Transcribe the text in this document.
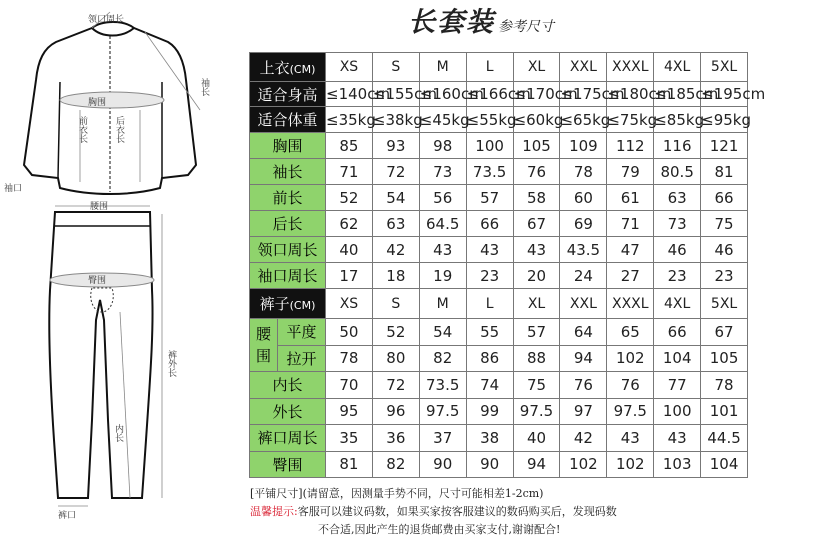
长套装 参考尺寸
领口周长
袖长
胸围
前衣长	后衣长
袖口
腰围
臀围
裤外长
内长
裤口
上衣(CM)	XS	S	M	L	XL	XXL	XXXL	4XL	5XL
适合身高	≤140cm	≤155cm	≤160cm	≤166cm	≤170cm	≤175cm	≤180cm	≤185cm	≤195cm
适合体重	≤35kg	≤38kg	≤45kg	≤55kg	≤60kg	≤65kg	≤75kg	≤85kg	≤95kg
胸围	85	93	98	100	105	109	112	116	121
袖长	71	72	73	73.5	76	78	79	80.5	81
前长	52	54	56	57	58	60	61	63	66
后长	62	63	64.5	66	67	69	71	73	75
领口周长	40	42	43	43	43	43.5	47	46	46
袖口周长	17	18	19	23	20	24	27	23	23
裤子(CM)		XS	S	M	L	XL	XXL	XXXL	4XL	5XL
腰围	平度	50	52	54	55	57	64	65	66	67
	拉开	78	80	82	86	88	94	102	104	105
内长		70	72	73.5	74	75	76	76	77	78
外长		95	96	97.5	99	97.5	97	97.5	100	101
裤口周长		35	36	37	38	40	42	43	43	44.5
臀围		81	82	90	90	94	102	102	103	104
[平铺尺寸](请留意，因测量手势不同，尺寸可能相差1-2cm)
温馨提示:客服可以建议码数，如果买家按客服建议的数码购买后，发现码数
不合适,因此产生的退货邮费由买家支付,谢谢配合!
